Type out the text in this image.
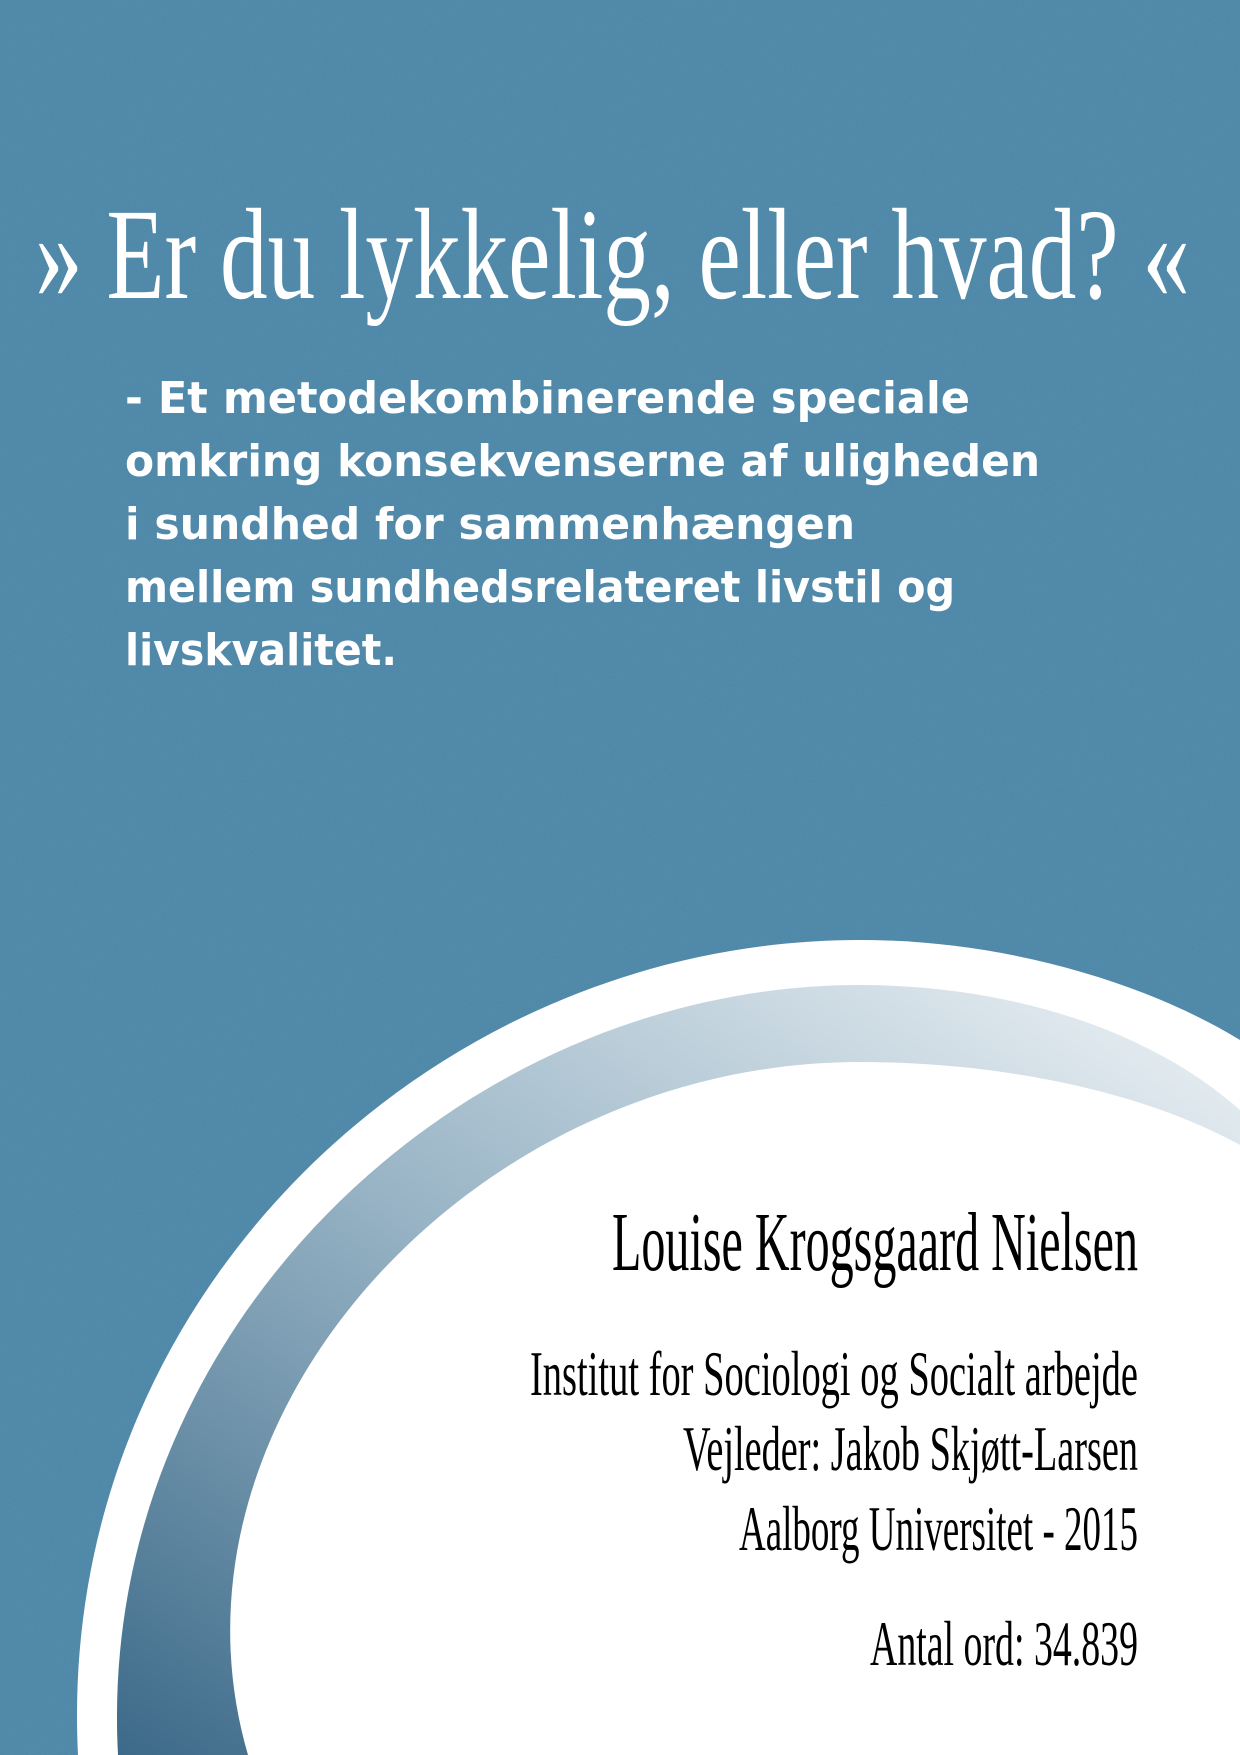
» Er du lykkelig, eller hvad? «
- Et metodekombinerende speciale
omkring konsekvenserne af uligheden
i sundhed for sammenhængen
mellem sundhedsrelateret livstil og
livskvalitet.
Louise Krogsgaard Nielsen
Institut for Sociologi og Socialt arbejde
Vejleder: Jakob Skjøtt-Larsen
Aalborg Universitet - 2015
Antal ord: 34.839
